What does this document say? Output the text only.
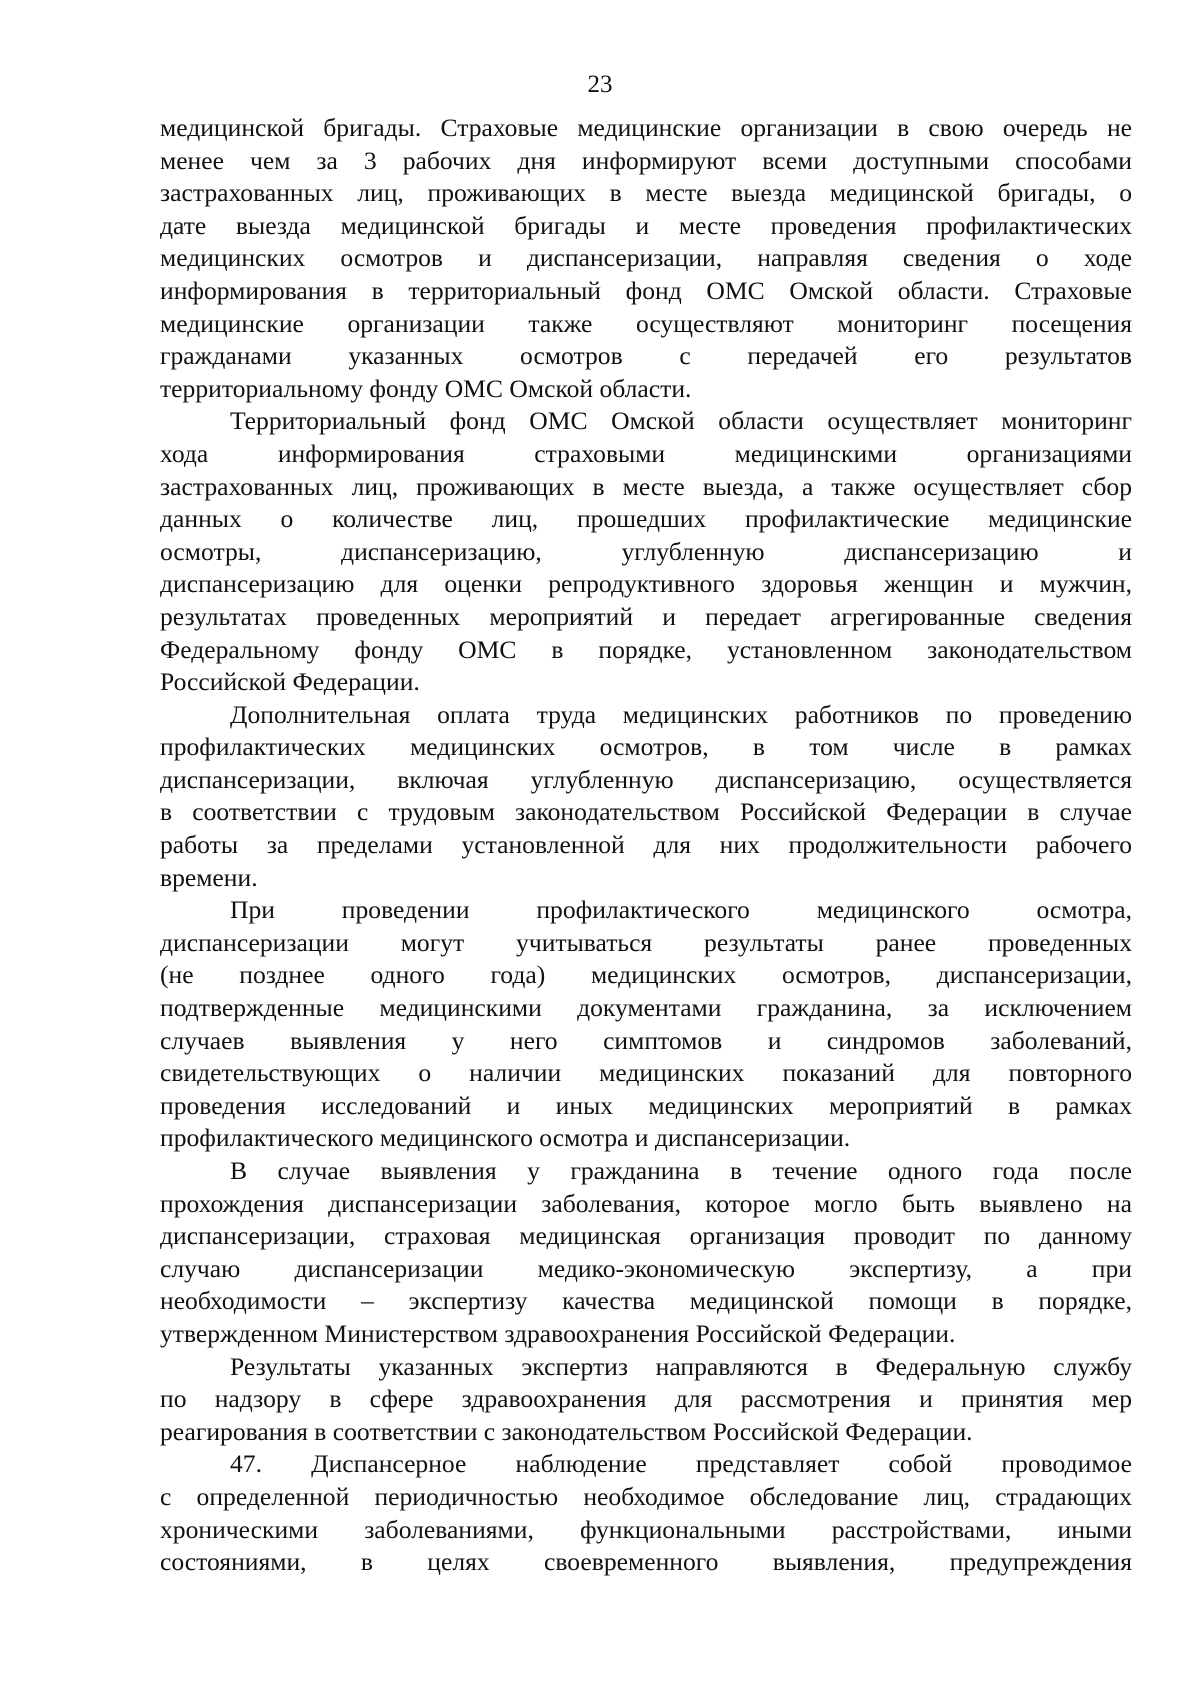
23
медицинской бригады. Страховые медицинские организации в свою очередь не
менее чем за 3 рабочих дня информируют всеми доступными способами
застрахованных лиц, проживающих в месте выезда медицинской бригады, о
дате выезда медицинской бригады и месте проведения профилактических
медицинских осмотров и диспансеризации, направляя сведения о ходе
информирования в территориальный фонд ОМС Омской области. Страховые
медицинские организации также осуществляют мониторинг посещения
гражданами указанных осмотров с передачей его результатов
территориальному фонду ОМС Омской области.
Территориальный фонд ОМС Омской области осуществляет мониторинг
хода информирования страховыми медицинскими организациями
застрахованных лиц, проживающих в месте выезда, а также осуществляет сбор
данных о количестве лиц, прошедших профилактические медицинские
осмотры, диспансеризацию, углубленную диспансеризацию и
диспансеризацию для оценки репродуктивного здоровья женщин и мужчин,
результатах проведенных мероприятий и передает агрегированные сведения
Федеральному фонду ОМС в порядке, установленном законодательством
Российской Федерации.
Дополнительная оплата труда медицинских работников по проведению
профилактических медицинских осмотров, в том числе в рамках
диспансеризации, включая углубленную диспансеризацию, осуществляется
в соответствии с трудовым законодательством Российской Федерации в случае
работы за пределами установленной для них продолжительности рабочего
времени.
При проведении профилактического медицинского осмотра,
диспансеризации могут учитываться результаты ранее проведенных
(не позднее одного года) медицинских осмотров, диспансеризации,
подтвержденные медицинскими документами гражданина, за исключением
случаев выявления у него симптомов и синдромов заболеваний,
свидетельствующих о наличии медицинских показаний для повторного
проведения исследований и иных медицинских мероприятий в рамках
профилактического медицинского осмотра и диспансеризации.
В случае выявления у гражданина в течение одного года после
прохождения диспансеризации заболевания, которое могло быть выявлено на
диспансеризации, страховая медицинская организация проводит по данному
случаю диспансеризации медико-экономическую экспертизу, а при
необходимости – экспертизу качества медицинской помощи в порядке,
утвержденном Министерством здравоохранения Российской Федерации.
Результаты указанных экспертиз направляются в Федеральную службу
по надзору в сфере здравоохранения для рассмотрения и принятия мер
реагирования в соответствии с законодательством Российской Федерации.
47. Диспансерное наблюдение представляет собой проводимое
с определенной периодичностью необходимое обследование лиц, страдающих
хроническими заболеваниями, функциональными расстройствами, иными
состояниями, в целях своевременного выявления, предупреждения
